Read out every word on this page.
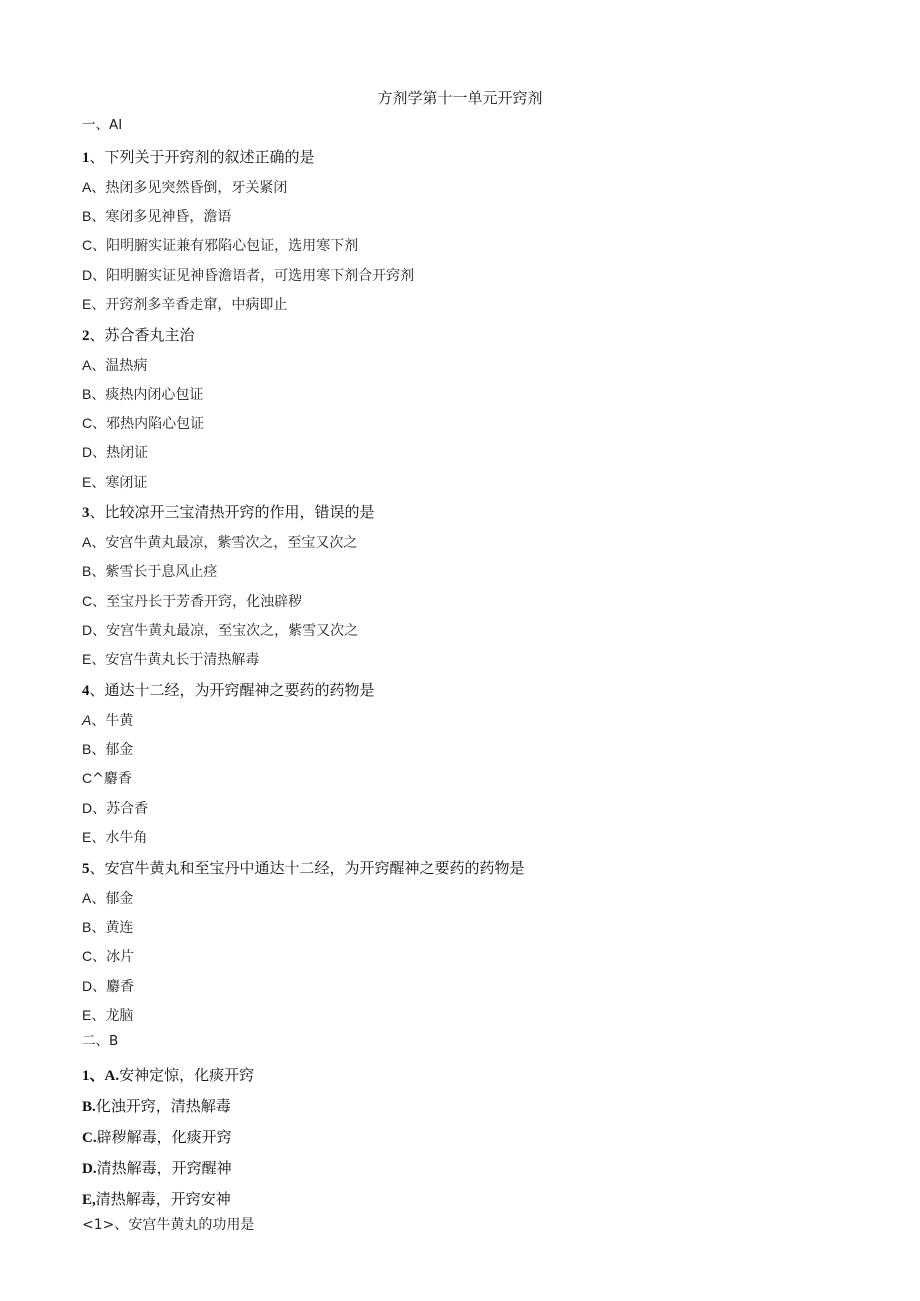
方剂学第十一单元开窍剂
一、AI
1、下列关于开窍剂的叙述正确的是
A、热闭多见突然昏倒，牙关紧闭
B、寒闭多见神昏，澹语
C、阳明腑实证兼有邪陷心包证，选用寒下剂
D、阳明腑实证见神昏澹语者，可选用寒下剂合开窍剂
E、开窍剂多辛香走窜，中病即止
2、苏合香丸主治
A、温热病
B、痰热内闭心包证
C、邪热内陷心包证
D、热闭证
E、寒闭证
3、比较凉开三宝清热开窍的作用，错误的是
A、安宫牛黄丸最凉，紫雪次之，至宝又次之
B、紫雪长于息风止痉
C、至宝丹长于芳香开窍，化浊辟秽
D、安宫牛黄丸最凉，至宝次之，紫雪又次之
E、安宫牛黄丸长于清热解毒
4、通达十二经，为开窍醒神之要药的药物是
A、牛黄
B、郁金
C^麝香
D、苏合香
E、水牛角
5、安宫牛黄丸和至宝丹中通达十二经，为开窍醒神之要药的药物是
A、郁金
B、黄连
C、冰片
D、麝香
E、龙脑
二、B
1、A.安神定惊，化痰开窍
B.化浊开窍，清热解毒
C.辟秽解毒，化痰开窍
D.清热解毒，开窍醒神
E,清热解毒，开窍安神
<1>、安宫牛黄丸的功用是
